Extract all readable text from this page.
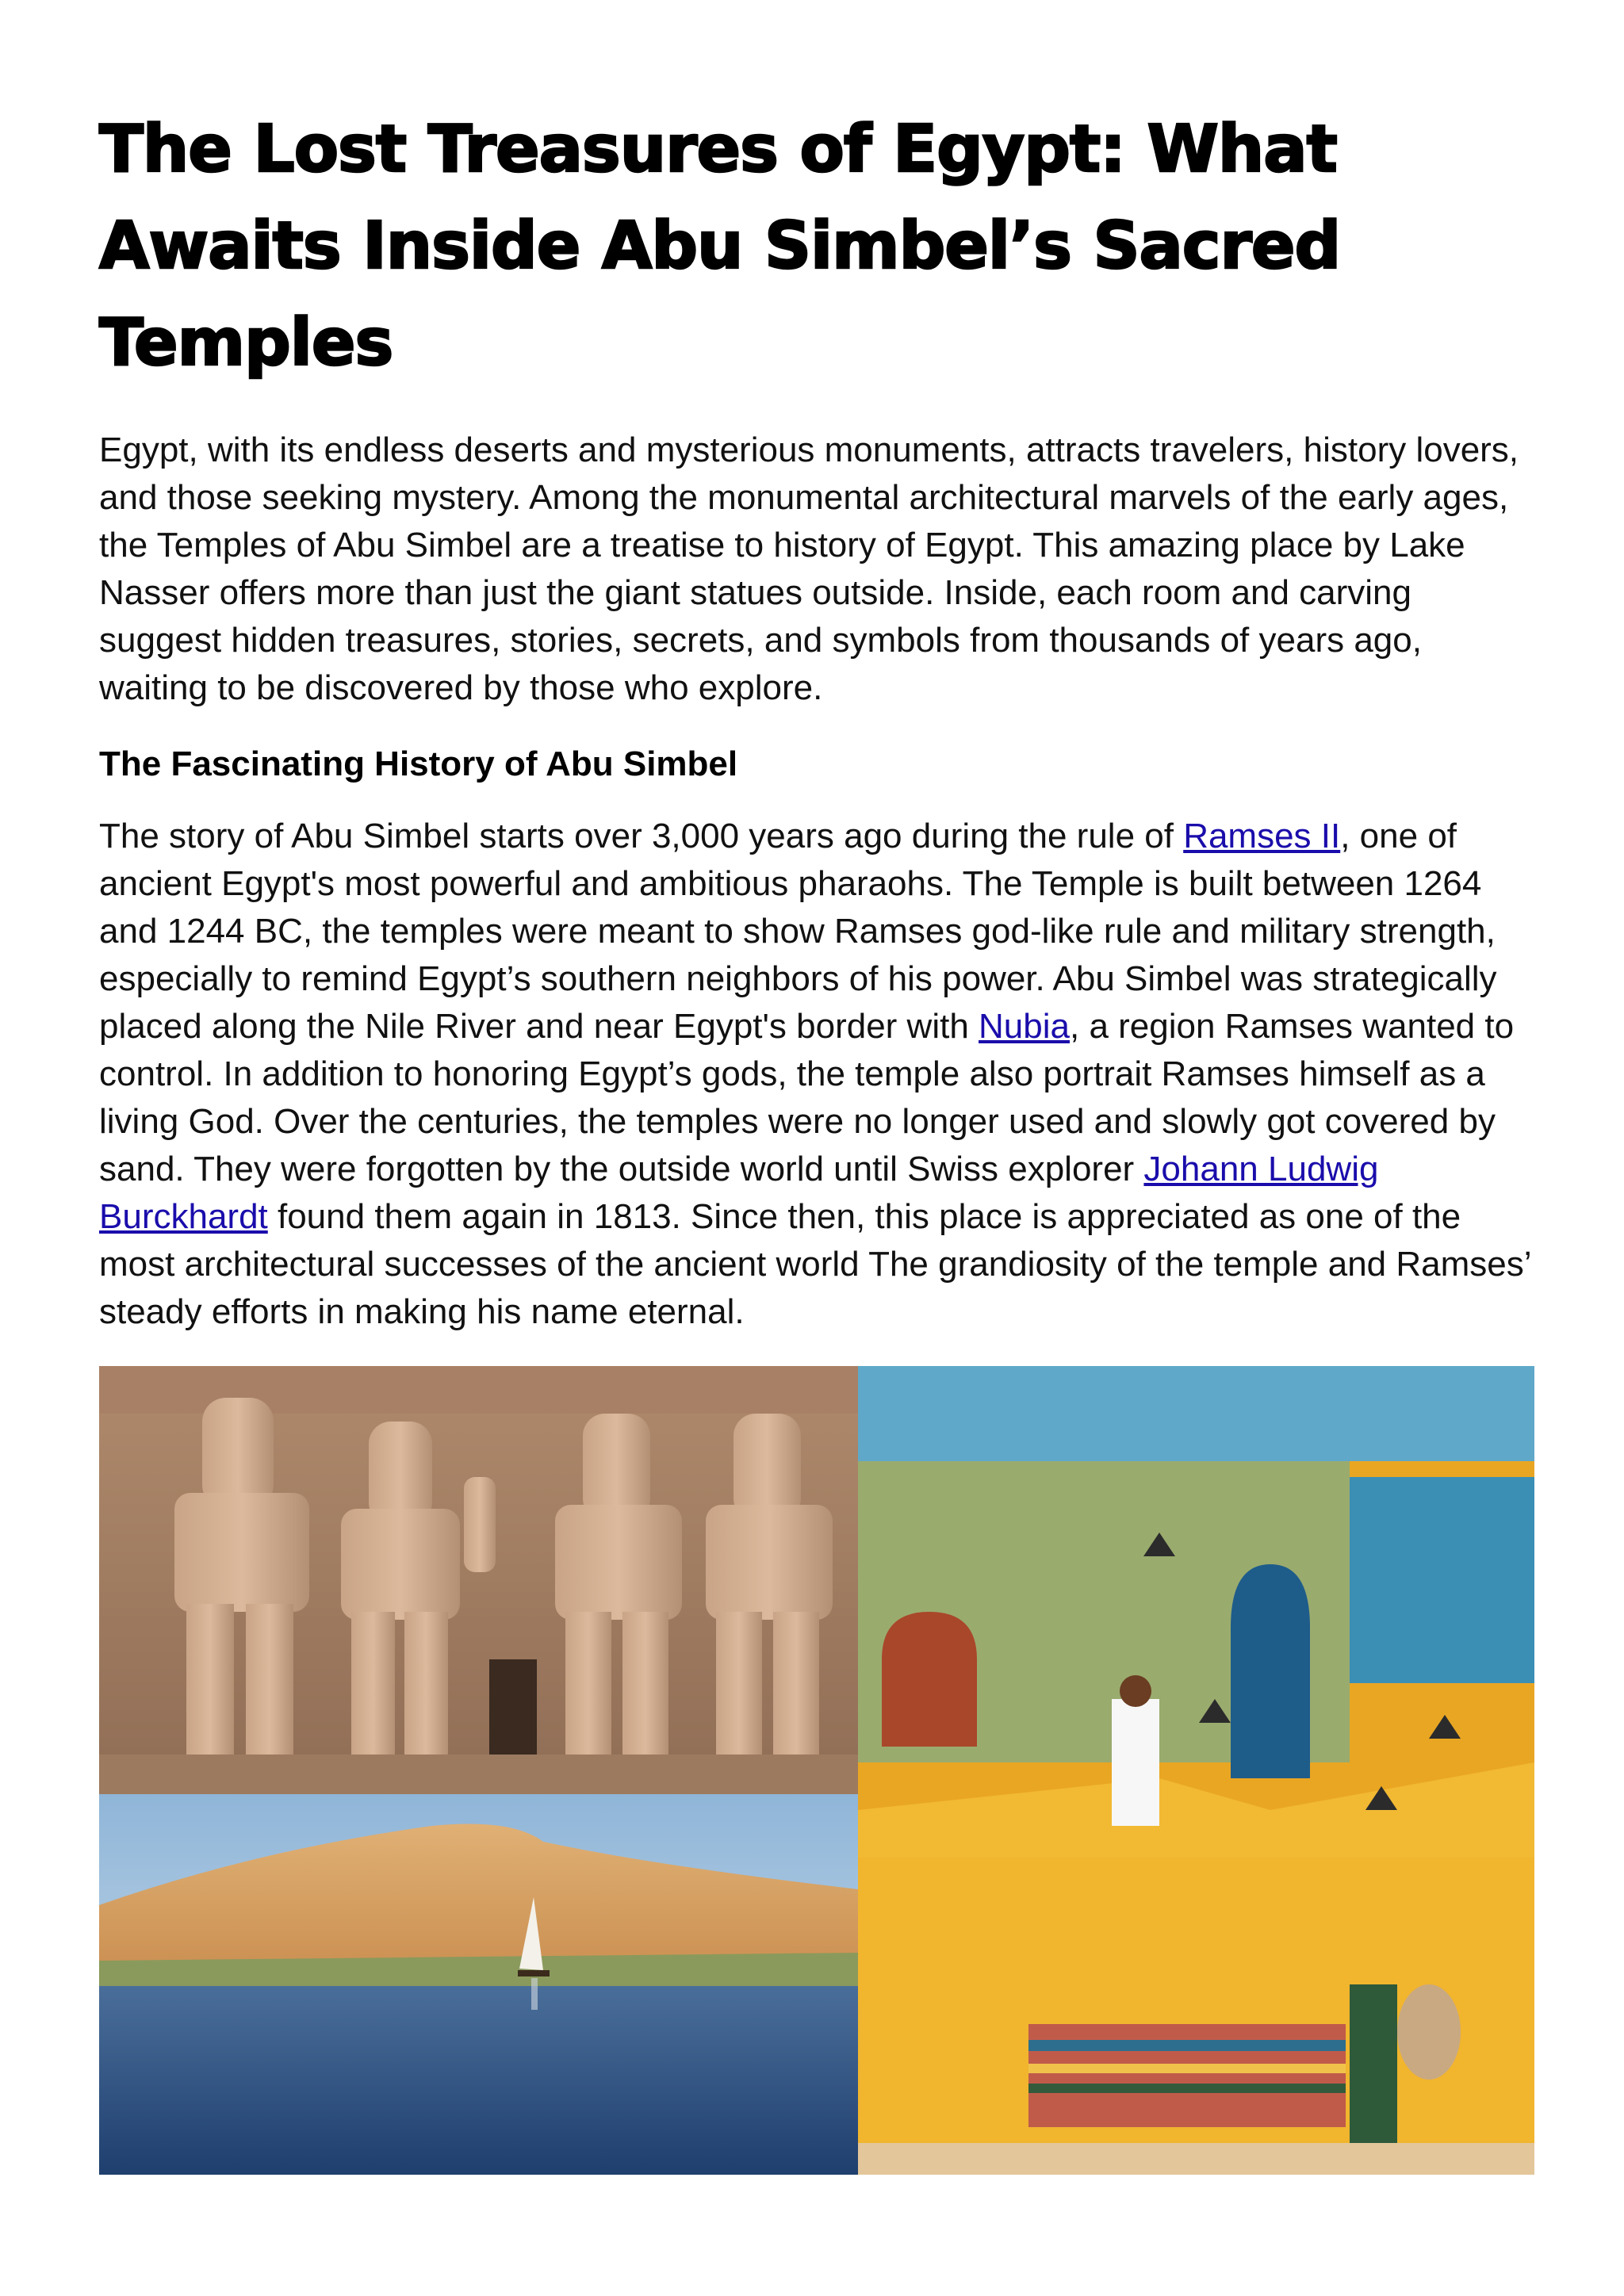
The Lost Treasures of Egypt: What Awaits Inside Abu Simbel’s Sacred Temples

Egypt, with its endless deserts and mysterious monuments, attracts travelers, history lovers, and those seeking mystery. Among the monumental architectural marvels of the early ages, the Temples of Abu Simbel are a treatise to history of Egypt. This amazing place by Lake Nasser offers more than just the giant statues outside. Inside, each room and carving suggest hidden treasures, stories, secrets, and symbols from thousands of years ago, waiting to be discovered by those who explore.

The Fascinating History of Abu Simbel

The story of Abu Simbel starts over 3,000 years ago during the rule of Ramses II, one of ancient Egypt's most powerful and ambitious pharaohs. The Temple is built between 1264 and 1244 BC, the temples were meant to show Ramses god-like rule and military strength, especially to remind Egypt’s southern neighbors of his power. Abu Simbel was strategically placed along the Nile River and near Egypt's border with Nubia, a region Ramses wanted to control. In addition to honoring Egypt’s gods, the temple also portrait Ramses himself as a living God. Over the centuries, the temples were no longer used and slowly got covered by sand. They were forgotten by the outside world until Swiss explorer Johann Ludwig Burckhardt found them again in 1813. Since then, this place is appreciated as one of the most architectural successes of the ancient world The grandiosity of the temple and Ramses’ steady efforts in making his name eternal.
